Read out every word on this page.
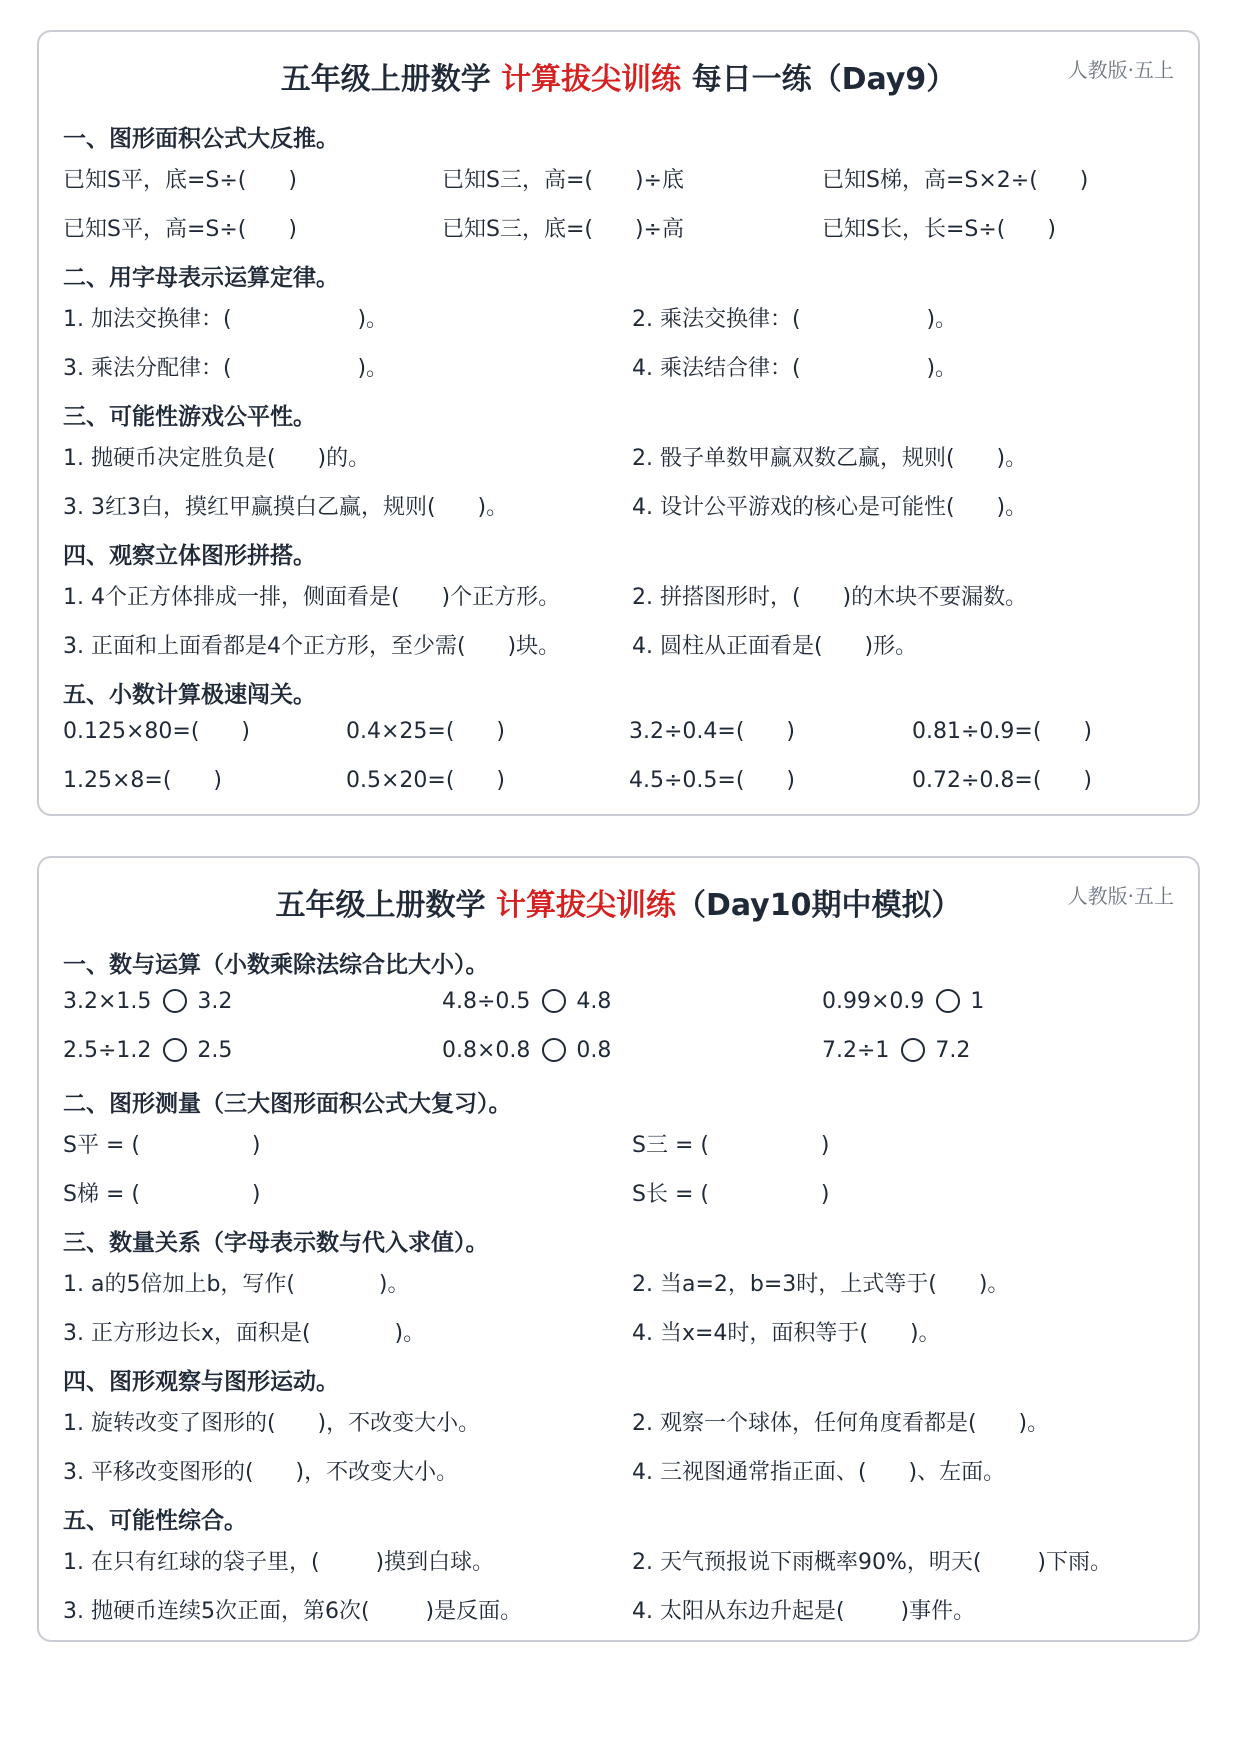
五年级上册数学 计算拔尖训练 每日一练（Day9）	人教版·五上
一、图形面积公式大反推。
已知S平，底=S÷(      )	已知S三，高=(      )÷底	已知S梯，高=S×2÷(      )
已知S平，高=S÷(      )	已知S三，底=(      )÷高	已知S长，长=S÷(      )
二、用字母表示运算定律。
1. 加法交换律：(                  )。	2. 乘法交换律：(                  )。
3. 乘法分配律：(                  )。	4. 乘法结合律：(                  )。
三、可能性游戏公平性。
1. 抛硬币决定胜负是(      )的。	2. 骰子单数甲赢双数乙赢，规则(      )。
3. 3红3白，摸红甲赢摸白乙赢，规则(      )。	4. 设计公平游戏的核心是可能性(      )。
四、观察立体图形拼搭。
1. 4个正方体排成一排，侧面看是(      )个正方形。	2. 拼搭图形时，(      )的木块不要漏数。
3. 正面和上面看都是4个正方形，至少需(      )块。	4. 圆柱从正面看是(      )形。
五、小数计算极速闯关。
0.125×80=(      )	0.4×25=(      )	3.2÷0.4=(      )	0.81÷0.9=(      )
1.25×8=(      )	0.5×20=(      )	4.5÷0.5=(      )	0.72÷0.8=(      )
五年级上册数学 计算拔尖训练（Day10期中模拟）	人教版·五上
一、数与运算（小数乘除法综合比大小）。
3.2×1.5 3.2	4.8÷0.5 4.8	0.99×0.9 1
2.5÷1.2 2.5	0.8×0.8 0.8	7.2÷1 7.2
二、图形测量（三大图形面积公式大复习）。
S平 = (                )	S三 = (                )
S梯 = (                )	S长 = (                )
三、数量关系（字母表示数与代入求值）。
1. a的5倍加上b，写作(            )。	2. 当a=2，b=3时，上式等于(      )。
3. 正方形边长x，面积是(            )。	4. 当x=4时，面积等于(      )。
四、图形观察与图形运动。
1. 旋转改变了图形的(      )，不改变大小。	2. 观察一个球体，任何角度看都是(      )。
3. 平移改变图形的(      )，不改变大小。	4. 三视图通常指正面、(      )、左面。
五、可能性综合。
1. 在只有红球的袋子里，(        )摸到白球。	2. 天气预报说下雨概率90%，明天(        )下雨。
3. 抛硬币连续5次正面，第6次(        )是反面。	4. 太阳从东边升起是(        )事件。
